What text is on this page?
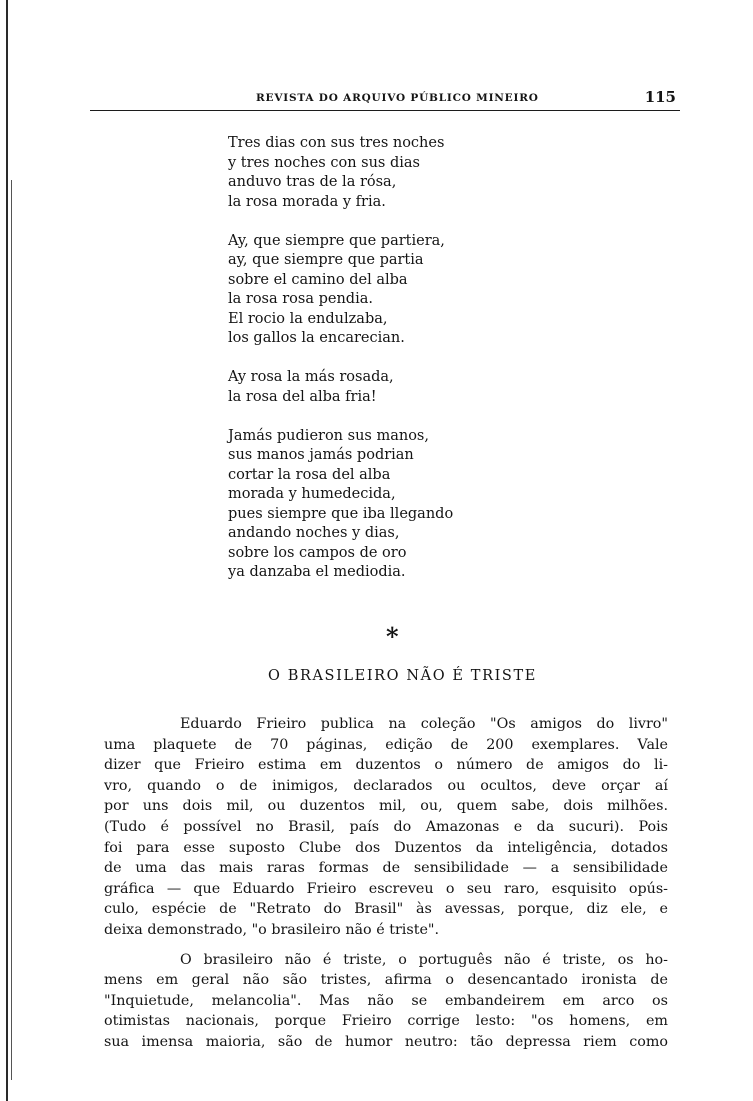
REVISTA DO ARQUIVO PÚBLICO MINEIRO	115
Tres dias con sus tres noches
y tres noches con sus dias
anduvo tras de la rósa,
la rosa morada y fria.
Ay, que siempre que partiera,
ay, que siempre que partia
sobre el camino del alba
la rosa rosa pendia.
El rocio la endulzaba,
los gallos la encarecian.
Ay rosa la más rosada,
la rosa del alba fria!
Jamás pudieron sus manos,
sus manos jamás podrian
cortar la rosa del alba
morada y humedecida,
pues siempre que iba llegando
andando noches y dias,
sobre los campos de oro
ya danzaba el mediodia.
*
O BRASILEIRO NÃO É TRISTE
Eduardo Frieiro publica na coleção "Os amigos do livro"
uma plaquete de 70 páginas, edição de 200 exemplares. Vale
dizer que Frieiro estima em duzentos o número de amigos do li-
vro, quando o de inimigos, declarados ou ocultos, deve orçar aí
por uns dois mil, ou duzentos mil, ou, quem sabe, dois milhões.
(Tudo é possível no Brasil, país do Amazonas e da sucuri). Pois
foi para esse suposto Clube dos Duzentos da inteligência, dotados
de uma das mais raras formas de sensibilidade — a sensibilidade
gráfica — que Eduardo Frieiro escreveu o seu raro, esquisito opús-
culo, espécie de "Retrato do Brasil" às avessas, porque, diz ele, e
deixa demonstrado, "o brasileiro não é triste".
O brasileiro não é triste, o português não é triste, os ho-
mens em geral não são tristes, afirma o desencantado ironista de
"Inquietude, melancolia". Mas não se embandeirem em arco os
otimistas nacionais, porque Frieiro corrige lesto: "os homens, em
sua imensa maioria, são de humor neutro: tão depressa riem como
